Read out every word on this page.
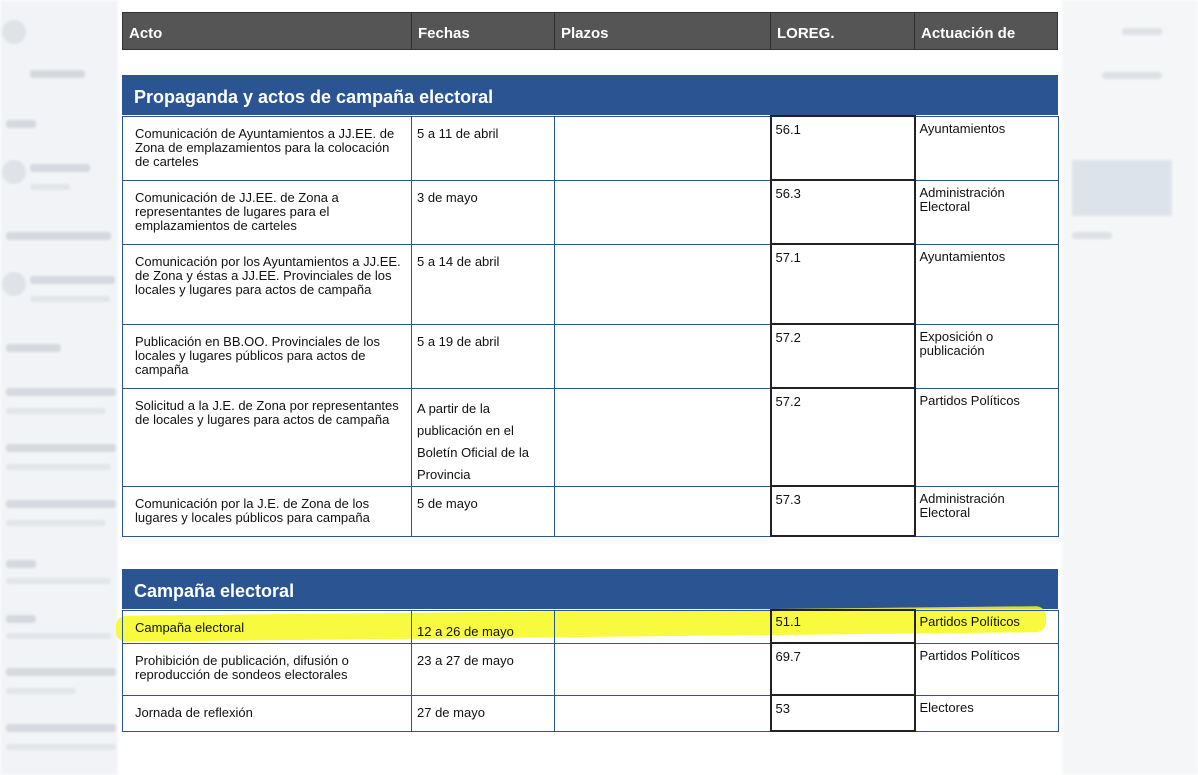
Acto	Fechas	Plazos	LOREG.	Actuación de
Propaganda y actos de campaña electoral
Comunicación de Ayuntamientos a JJ.EE. de Zona de emplazamientos para la colocación de carteles	5 a 11 de abril		56.1	Ayuntamientos
Comunicación de JJ.EE. de Zona a representantes de lugares para el emplazamientos de carteles	3 de mayo		56.3	Administración Electoral
Comunicación por los Ayuntamientos a JJ.EE. de Zona y éstas a JJ.EE. Provinciales de los locales y lugares para actos de campaña	5 a 14 de abril		57.1	Ayuntamientos
Publicación en BB.OO. Provinciales de los locales y lugares públicos para actos de campaña	5 a 19 de abril		57.2	Exposición o publicación
Solicitud a la J.E. de Zona por representantes de locales y lugares para actos de campaña	A partir de la publicación en el Boletín Oficial de la Provincia		57.2	Partidos Políticos
Comunicación por la J.E. de Zona de los lugares y locales públicos para campaña	5 de mayo		57.3	Administración Electoral
Campaña electoral
Campaña electoral	12 a 26 de mayo		51.1	Partidos Políticos
Prohibición de publicación, difusión o reproducción de sondeos electorales	23 a 27 de mayo		69.7	Partidos Políticos
Jornada de reflexión	27 de mayo		53	Electores
